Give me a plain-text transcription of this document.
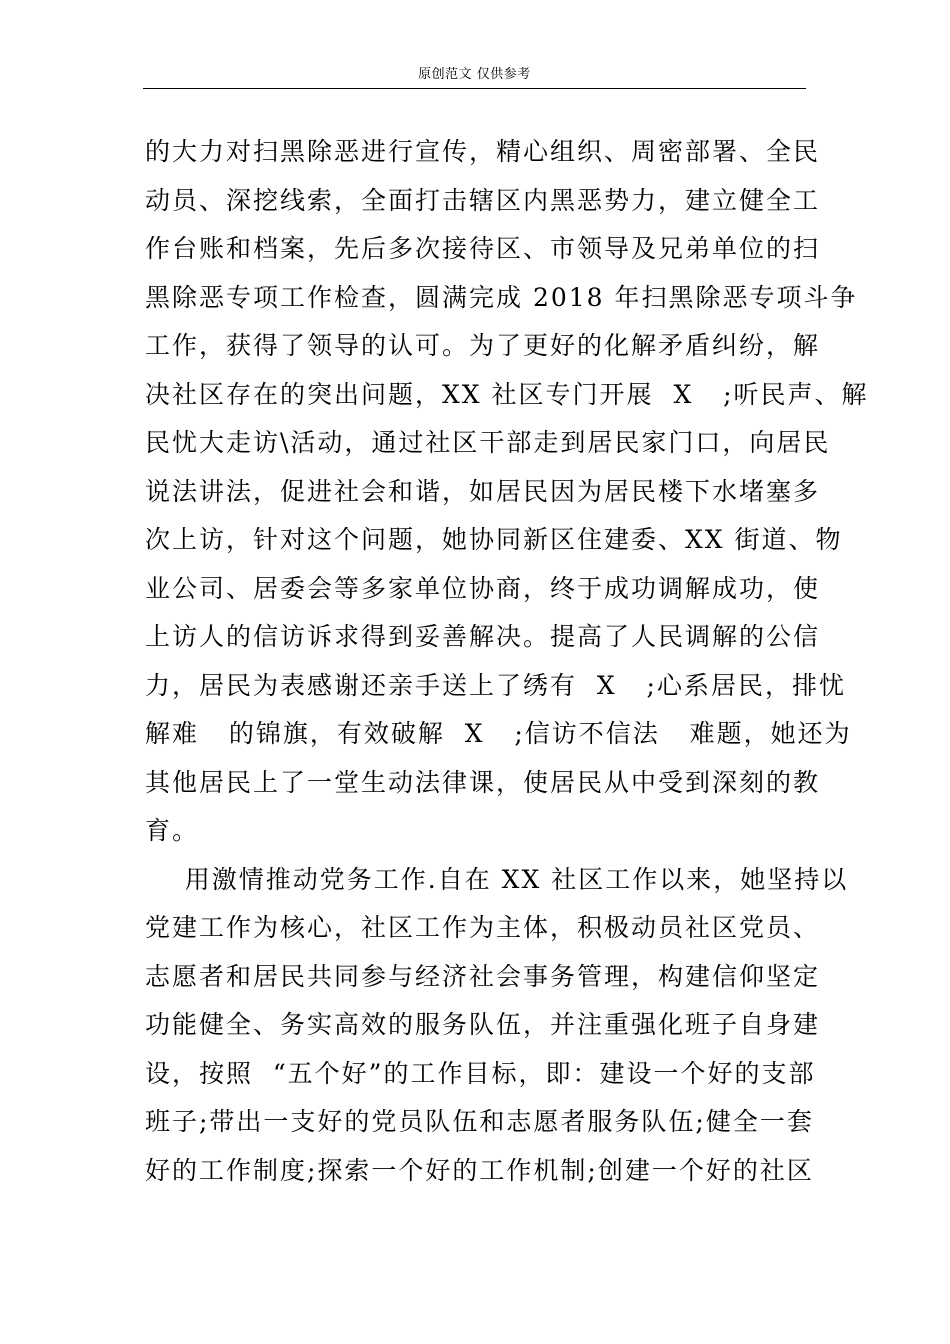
原创范文 仅供参考
的大力对扫黑除恶进行宣传，精心组织、周密部署、全民
动员、深挖线索，全面打击辖区内黑恶势力，建立健全工
作台账和档案，先后多次接待区、市领导及兄弟单位的扫
黑除恶专项工作检查，圆满完成 2018 年扫黑除恶专项斗争
工作，获得了领导的认可。为了更好的化解矛盾纠纷，解
决社区存在的突出问题，XX 社区专门开展  X   ;听民声、解
民忧大走访\活动，通过社区干部走到居民家门口，向居民
说法讲法，促进社会和谐，如居民因为居民楼下水堵塞多
次上访，针对这个问题，她协同新区住建委、XX 街道、物
业公司、居委会等多家单位协商，终于成功调解成功，使
上访人的信访诉求得到妥善解决。提高了人民调解的公信
力，居民为表感谢还亲手送上了绣有  X   ;心系居民，排忧
解难   的锦旗，有效破解  X   ;信访不信法   难题，她还为
其他居民上了一堂生动法律课，使居民从中受到深刻的教
育。
用激情推动党务工作.自在 XX 社区工作以来，她坚持以
党建工作为核心，社区工作为主体，积极动员社区党员、
志愿者和居民共同参与经济社会事务管理，构建信仰坚定
功能健全、务实高效的服务队伍，并注重强化班子自身建
设，按照  “五个好”的工作目标，即：建设一个好的支部
班子;带出一支好的党员队伍和志愿者服务队伍;健全一套
好的工作制度;探索一个好的工作机制;创建一个好的社区
